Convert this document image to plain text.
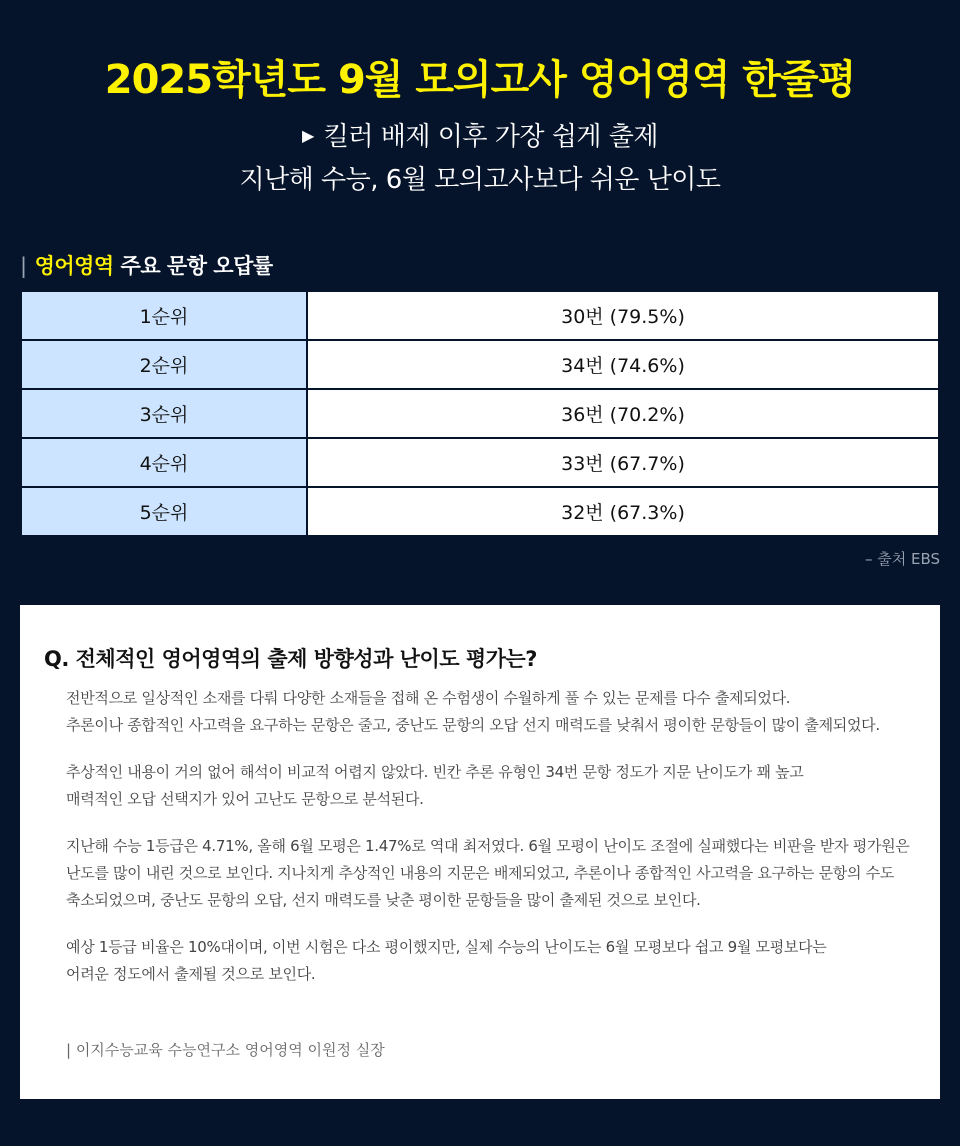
2025학년도 9월 모의고사 영어영역 한줄평
▶ 킬러 배제 이후 가장 쉽게 출제
지난해 수능, 6월 모의고사보다 쉬운 난이도
| 영어영역 주요 문항 오답률
1순위	30번 (79.5%)
2순위	34번 (74.6%)
3순위	36번 (70.2%)
4순위	33번 (67.7%)
5순위	32번 (67.3%)
– 출처 EBS
Q. 전체적인 영어영역의 출제 방향성과 난이도 평가는?

전반적으로 일상적인 소재를 다뤄 다양한 소재들을 접해 온 수험생이 수월하게 풀 수 있는 문제를 다수 출제되었다.
추론이나 종합적인 사고력을 요구하는 문항은 줄고, 중난도 문항의 오답 선지 매력도를 낮춰서 평이한 문항들이 많이 출제되었다.

추상적인 내용이 거의 없어 해석이 비교적 어렵지 않았다. 빈칸 추론 유형인 34번 문항 정도가 지문 난이도가 꽤 높고
매력적인 오답 선택지가 있어 고난도 문항으로 분석된다.

지난해 수능 1등급은 4.71%, 올해 6월 모평은 1.47%로 역대 최저였다. 6월 모평이 난이도 조절에 실패했다는 비판을 받자 평가원은
난도를 많이 내린 것으로 보인다. 지나치게 추상적인 내용의 지문은 배제되었고, 추론이나 종합적인 사고력을 요구하는 문항의 수도
축소되었으며, 중난도 문항의 오답, 선지 매력도를 낮춘 평이한 문항들을 많이 출제된 것으로 보인다.

예상 1등급 비율은 10%대이며, 이번 시험은 다소 평이했지만, 실제 수능의 난이도는 6월 모평보다 쉽고 9월 모평보다는
어려운 정도에서 출제될 것으로 보인다.

| 이지수능교육 수능연구소 영어영역 이원정 실장
